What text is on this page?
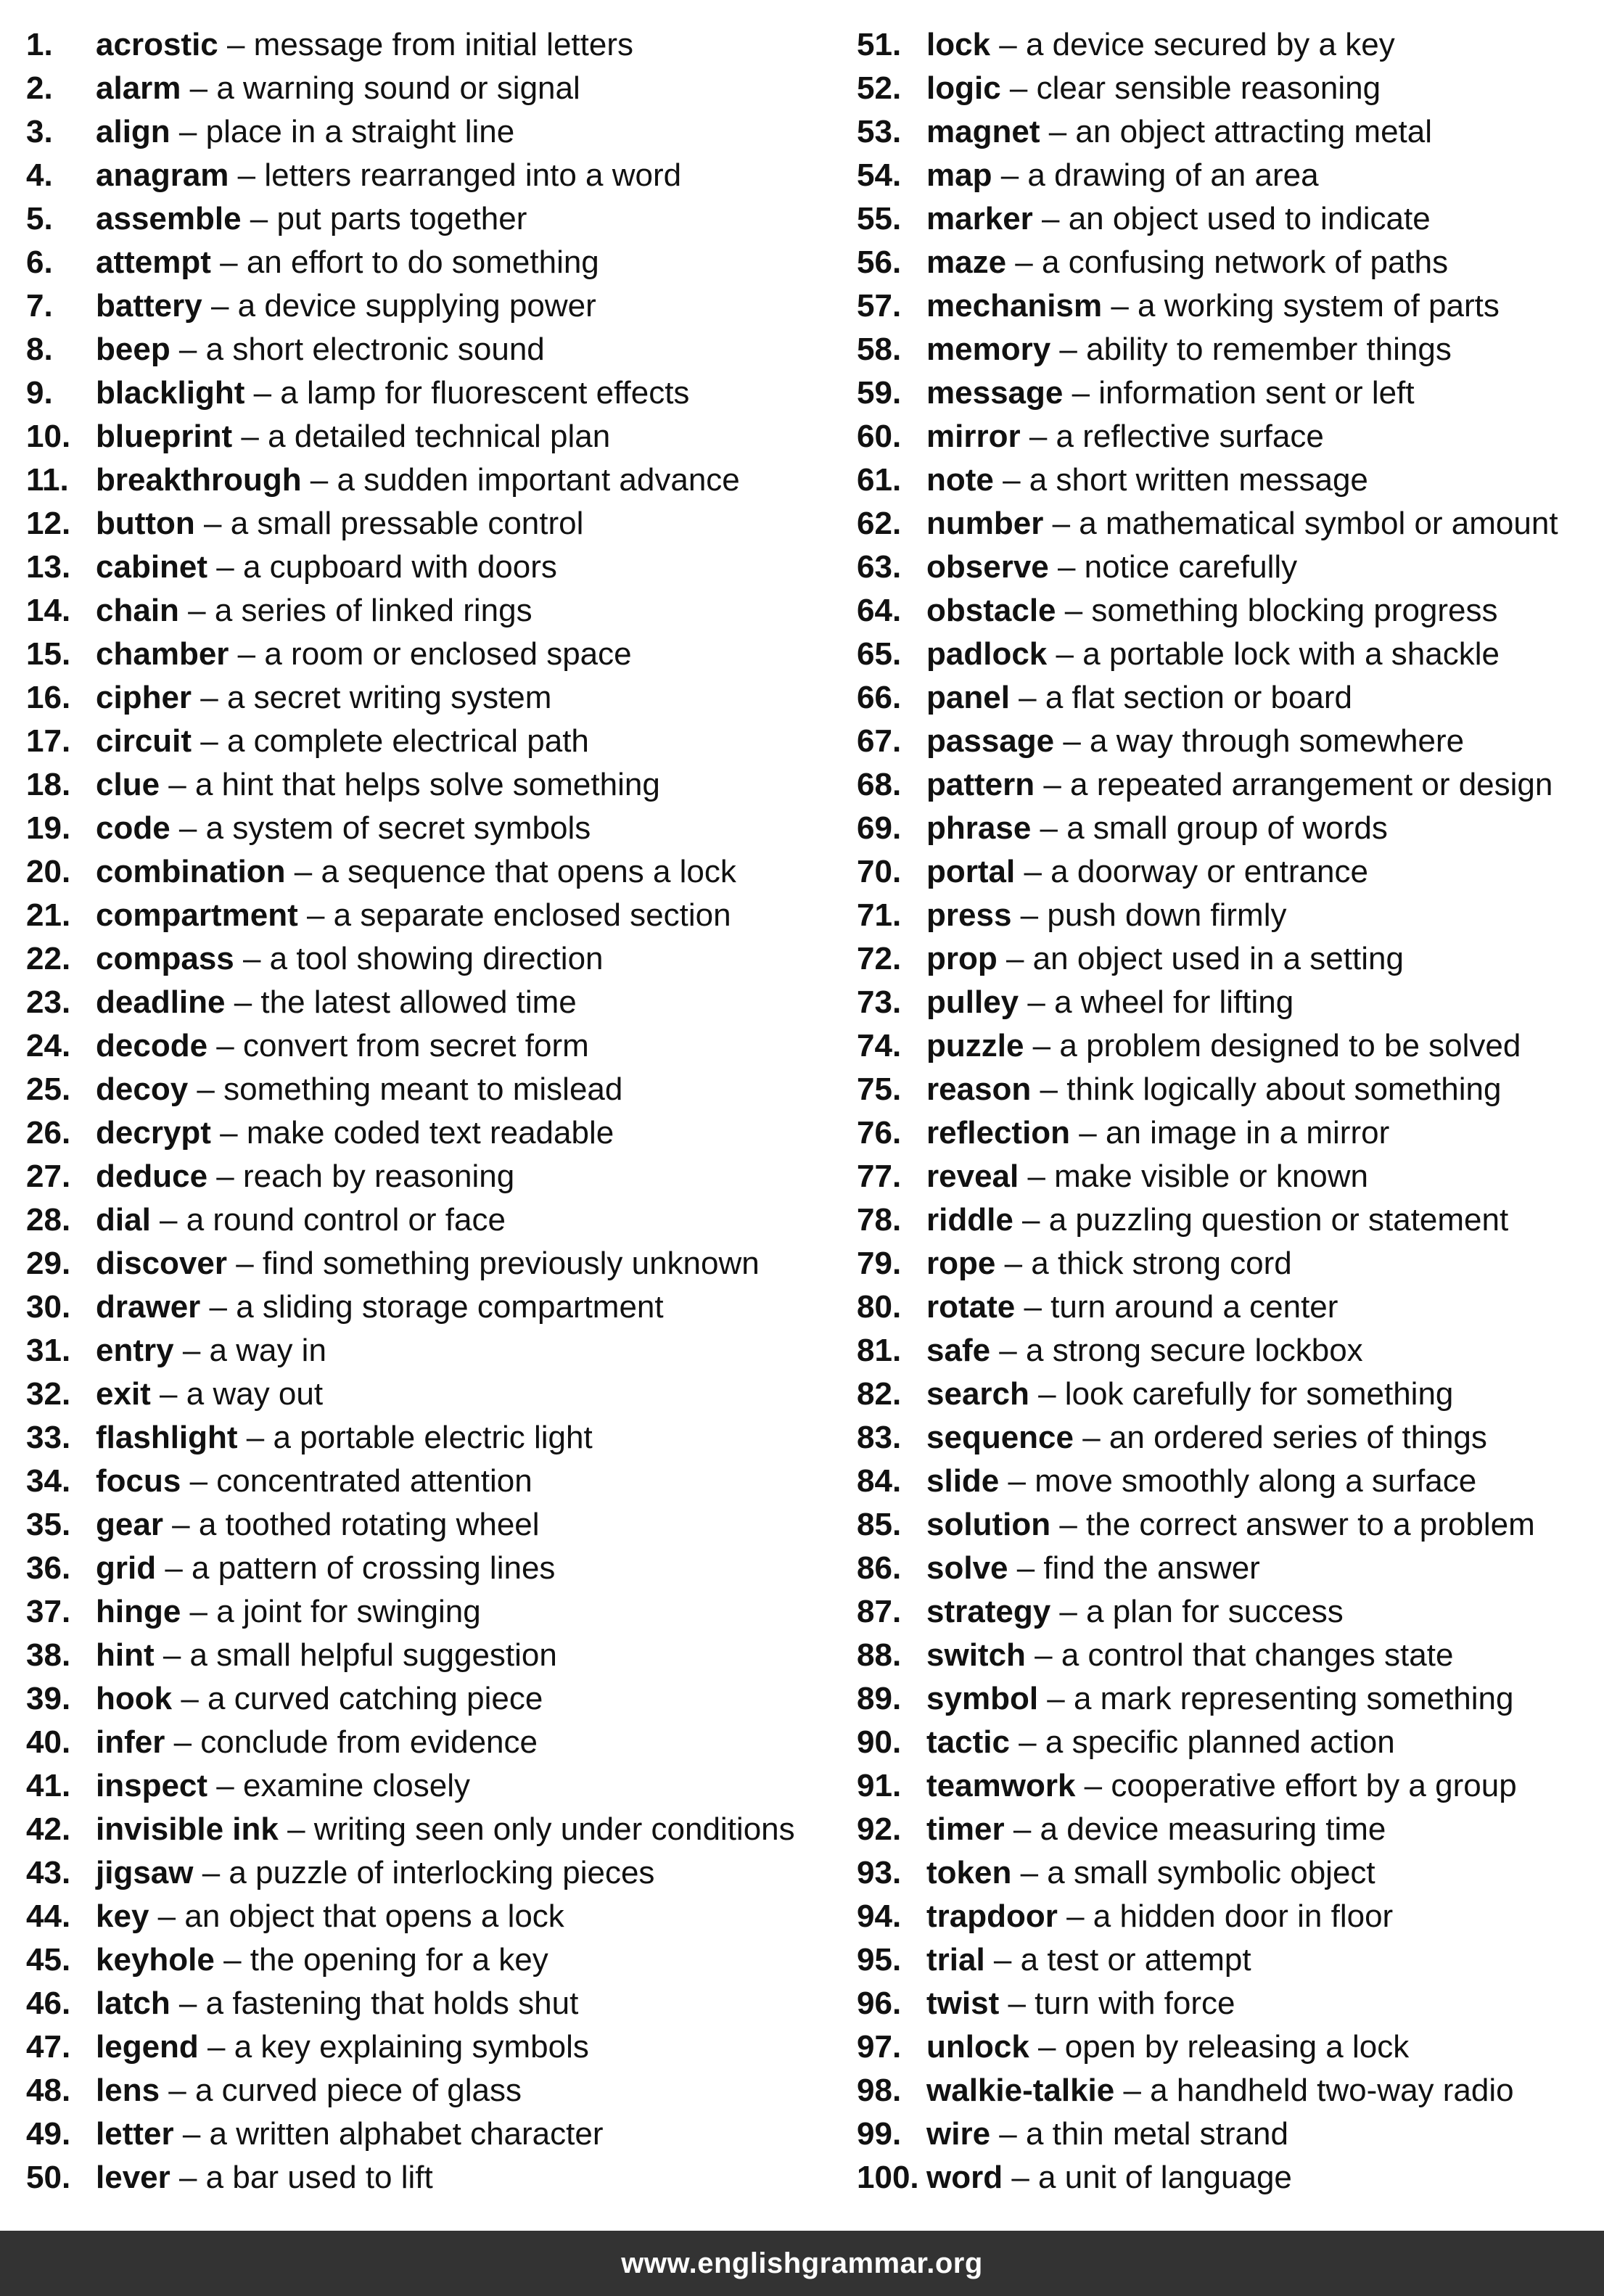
1.	acrostic – message from initial letters
2.	alarm – a warning sound or signal
3.	align – place in a straight line
4.	anagram – letters rearranged into a word
5.	assemble – put parts together
6.	attempt – an effort to do something
7.	battery – a device supplying power
8.	beep – a short electronic sound
9.	blacklight – a lamp for fluorescent effects
10. blueprint – a detailed technical plan
11. breakthrough – a sudden important advance
12. button – a small pressable control
13. cabinet – a cupboard with doors
14. chain – a series of linked rings
15. chamber – a room or enclosed space
16. cipher – a secret writing system
17. circuit – a complete electrical path
18. clue – a hint that helps solve something
19. code – a system of secret symbols
20. combination – a sequence that opens a lock
21. compartment – a separate enclosed section
22. compass – a tool showing direction
23. deadline – the latest allowed time
24. decode – convert from secret form
25. decoy – something meant to mislead
26. decrypt – make coded text readable
27. deduce – reach by reasoning
28. dial – a round control or face
29. discover – find something previously unknown
30. drawer – a sliding storage compartment
31. entry – a way in
32. exit – a way out
33. flashlight – a portable electric light
34. focus – concentrated attention
35. gear – a toothed rotating wheel
36. grid – a pattern of crossing lines
37. hinge – a joint for swinging
38. hint – a small helpful suggestion
39. hook – a curved catching piece
40. infer – conclude from evidence
41. inspect – examine closely
42. invisible ink – writing seen only under conditions
43. jigsaw – a puzzle of interlocking pieces
44. key – an object that opens a lock
45. keyhole – the opening for a key
46. latch – a fastening that holds shut
47. legend – a key explaining symbols
48. lens – a curved piece of glass
49. letter – a written alphabet character
50. lever – a bar used to lift
51. lock – a device secured by a key
52. logic – clear sensible reasoning
53. magnet – an object attracting metal
54. map – a drawing of an area
55. marker – an object used to indicate
56. maze – a confusing network of paths
57. mechanism – a working system of parts
58. memory – ability to remember things
59. message – information sent or left
60. mirror – a reflective surface
61. note – a short written message
62. number – a mathematical symbol or amount
63. observe – notice carefully
64. obstacle – something blocking progress
65. padlock – a portable lock with a shackle
66. panel – a flat section or board
67. passage – a way through somewhere
68. pattern – a repeated arrangement or design
69. phrase – a small group of words
70. portal – a doorway or entrance
71. press – push down firmly
72. prop – an object used in a setting
73. pulley – a wheel for lifting
74. puzzle – a problem designed to be solved
75. reason – think logically about something
76. reflection – an image in a mirror
77. reveal – make visible or known
78. riddle – a puzzling question or statement
79. rope – a thick strong cord
80. rotate – turn around a center
81. safe – a strong secure lockbox
82. search – look carefully for something
83. sequence – an ordered series of things
84. slide – move smoothly along a surface
85. solution – the correct answer to a problem
86. solve – find the answer
87. strategy – a plan for success
88. switch – a control that changes state
89. symbol – a mark representing something
90. tactic – a specific planned action
91. teamwork – cooperative effort by a group
92. timer – a device measuring time
93. token – a small symbolic object
94. trapdoor – a hidden door in floor
95. trial – a test or attempt
96. twist – turn with force
97. unlock – open by releasing a lock
98. walkie-talkie – a handheld two-way radio
99. wire – a thin metal strand
100. word – a unit of language
www.englishgrammar.org
